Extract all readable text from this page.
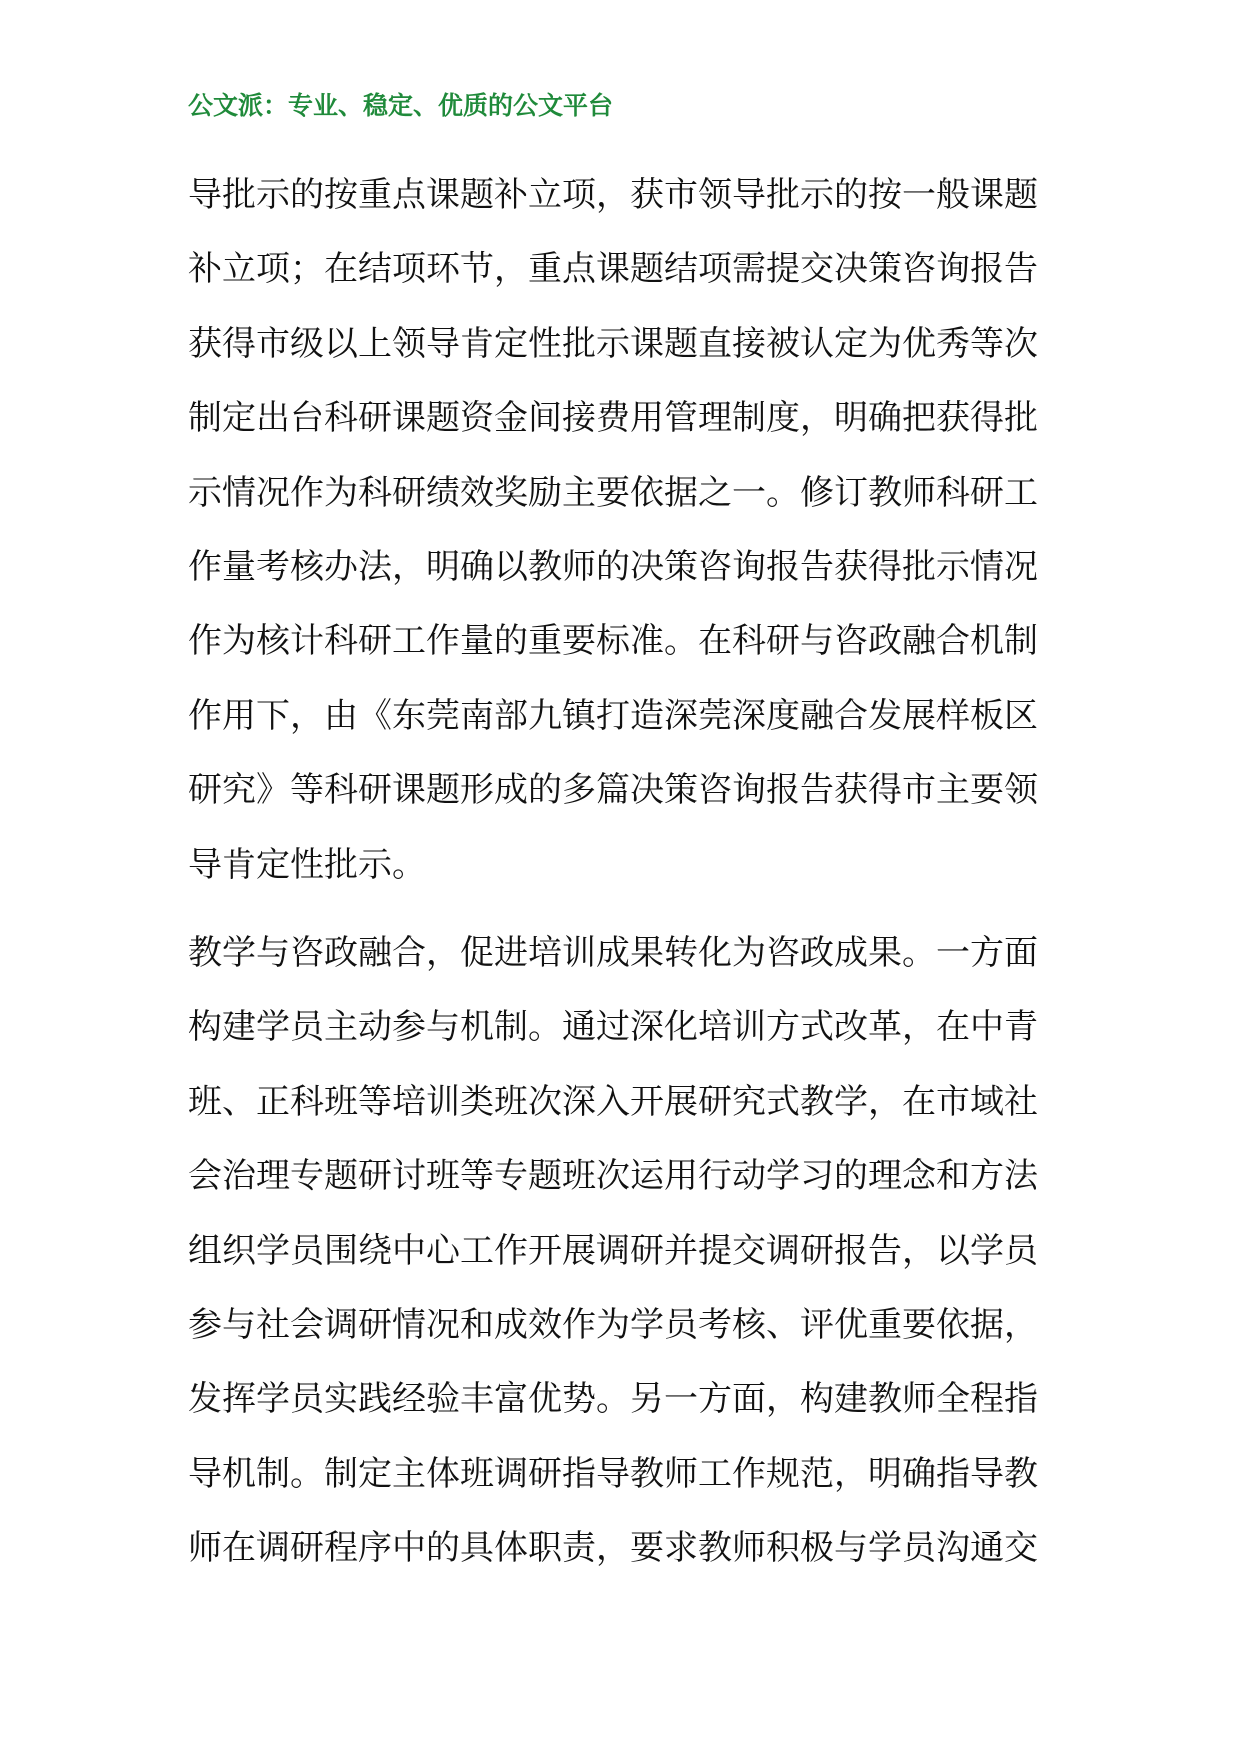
公文派：专业、稳定、优质的公文平台
导批示的按重点课题补立项，获市领导批示的按一般课题
补立项；在结项环节，重点课题结项需提交决策咨询报告
获得市级以上领导肯定性批示课题直接被认定为优秀等次
制定出台科研课题资金间接费用管理制度，明确把获得批
示情况作为科研绩效奖励主要依据之一。修订教师科研工
作量考核办法，明确以教师的决策咨询报告获得批示情况
作为核计科研工作量的重要标准。在科研与咨政融合机制
作用下，由《东莞南部九镇打造深莞深度融合发展样板区
研究》等科研课题形成的多篇决策咨询报告获得市主要领
导肯定性批示。
教学与咨政融合，促进培训成果转化为咨政成果。一方面
构建学员主动参与机制。通过深化培训方式改革，在中青
班、正科班等培训类班次深入开展研究式教学，在市域社
会治理专题研讨班等专题班次运用行动学习的理念和方法
组织学员围绕中心工作开展调研并提交调研报告，以学员
参与社会调研情况和成效作为学员考核、评优重要依据，
发挥学员实践经验丰富优势。另一方面，构建教师全程指
导机制。制定主体班调研指导教师工作规范，明确指导教
师在调研程序中的具体职责，要求教师积极与学员沟通交
